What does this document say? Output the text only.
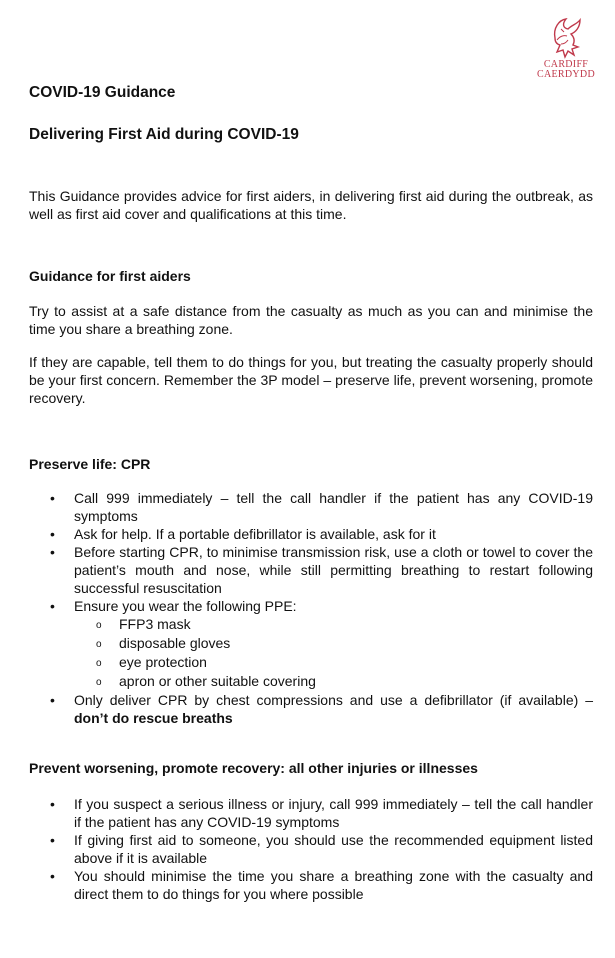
CARDIFF
CAERDYDD
COVID-19 Guidance
Delivering First Aid during COVID-19
This Guidance provides advice for first aiders, in delivering first aid during the outbreak, as well as first aid cover and qualifications at this time.
Guidance for first aiders
Try to assist at a safe distance from the casualty as much as you can and minimise the time you share a breathing zone.
If they are capable, tell them to do things for you, but treating the casualty properly should be your first concern. Remember the 3P model – preserve life, prevent worsening, promote recovery.
Preserve life: CPR
• Call 999 immediately – tell the call handler if the patient has any COVID-19 symptoms
• Ask for help. If a portable defibrillator is available, ask for it
• Before starting CPR, to minimise transmission risk, use a cloth or towel to cover the patient’s mouth and nose, while still permitting breathing to restart following successful resuscitation
• Ensure you wear the following PPE:
o FFP3 mask
o disposable gloves
o eye protection
o apron or other suitable covering
• Only deliver CPR by chest compressions and use a defibrillator (if available) – don’t do rescue breaths
Prevent worsening, promote recovery: all other injuries or illnesses
• If you suspect a serious illness or injury, call 999 immediately – tell the call handler if the patient has any COVID-19 symptoms
• If giving first aid to someone, you should use the recommended equipment listed above if it is available
• You should minimise the time you share a breathing zone with the casualty and direct them to do things for you where possible
